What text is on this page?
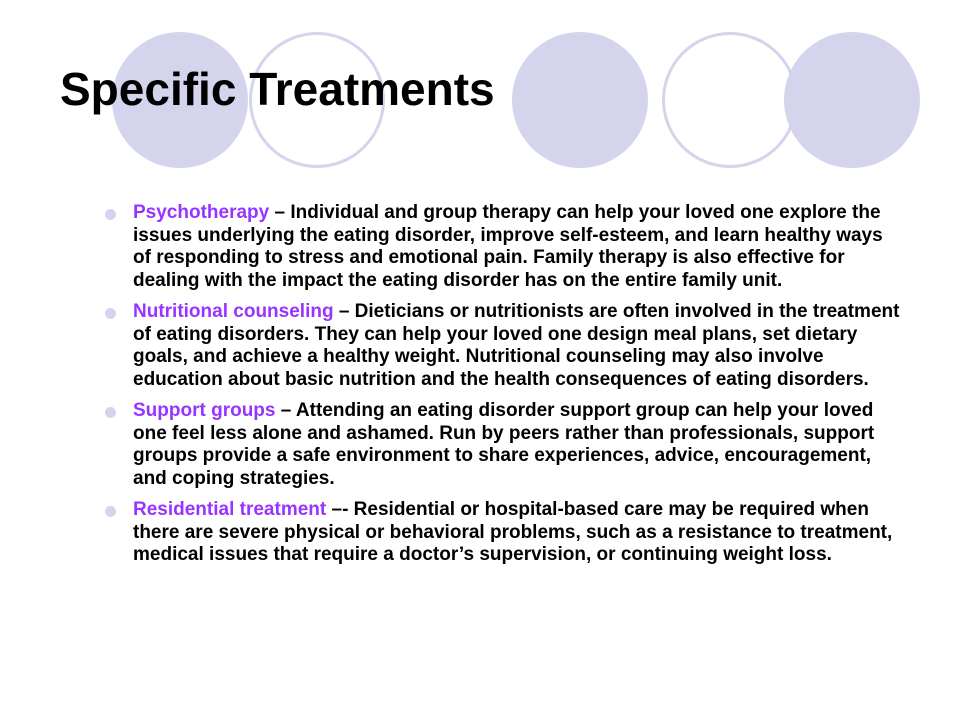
Specific Treatments
Psychotherapy – Individual and group therapy can help your loved one explore the issues underlying the eating disorder, improve self-esteem, and learn healthy ways of responding to stress and emotional pain. Family therapy is also effective for dealing with the impact the eating disorder has on the entire family unit.
Nutritional counseling – Dieticians or nutritionists are often involved in the treatment of eating disorders. They can help your loved one design meal plans, set dietary goals, and achieve a healthy weight. Nutritional counseling may also involve education about basic nutrition and the health consequences of eating disorders.
Support groups – Attending an eating disorder support group can help your loved one feel less alone and ashamed. Run by peers rather than professionals, support groups provide a safe environment to share experiences, advice, encouragement, and coping strategies.
Residential treatment –- Residential or hospital-based care may be required when there are severe physical or behavioral problems, such as a resistance to treatment, medical issues that require a doctor’s supervision, or continuing weight loss.
